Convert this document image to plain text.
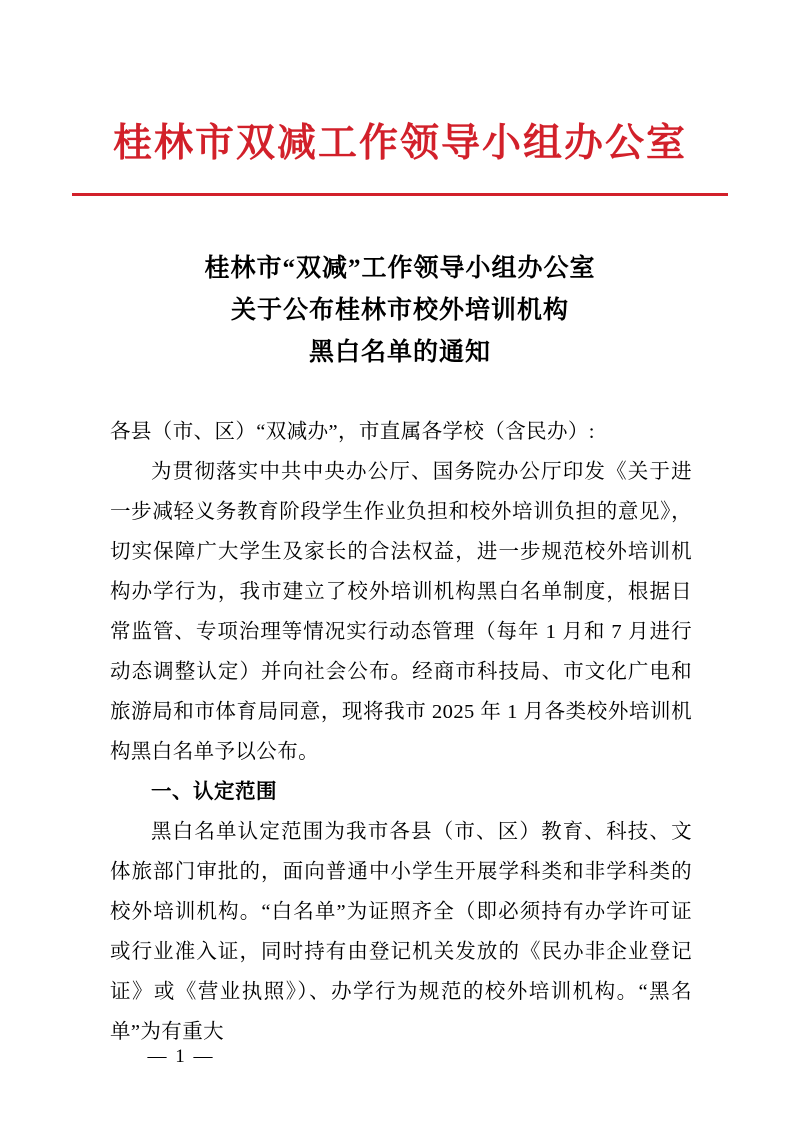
桂林市双减工作领导小组办公室
桂林市“双减”工作领导小组办公室
关于公布桂林市校外培训机构
黑白名单的通知
各县（市、区）“双减办”，市直属各学校（含民办）:

为贯彻落实中共中央办公厅、国务院办公厅印发《关于进一步减轻义务教育阶段学生作业负担和校外培训负担的意见》，切实保障广大学生及家长的合法权益，进一步规范校外培训机构办学行为，我市建立了校外培训机构黑白名单制度，根据日常监管、专项治理等情况实行动态管理（每年 1 月和 7 月进行动态调整认定）并向社会公布。经商市科技局、市文化广电和旅游局和市体育局同意，现将我市 2025 年 1 月各类校外培训机构黑白名单予以公布。

一、认定范围

黑白名单认定范围为我市各县（市、区）教育、科技、文体旅部门审批的，面向普通中小学生开展学科类和非学科类的校外培训机构。“白名单”为证照齐全（即必须持有办学许可证或行业准入证，同时持有由登记机关发放的《民办非企业登记证》或《营业执照》）、办学行为规范的校外培训机构。“黑名单”为有重大

— 1 —
